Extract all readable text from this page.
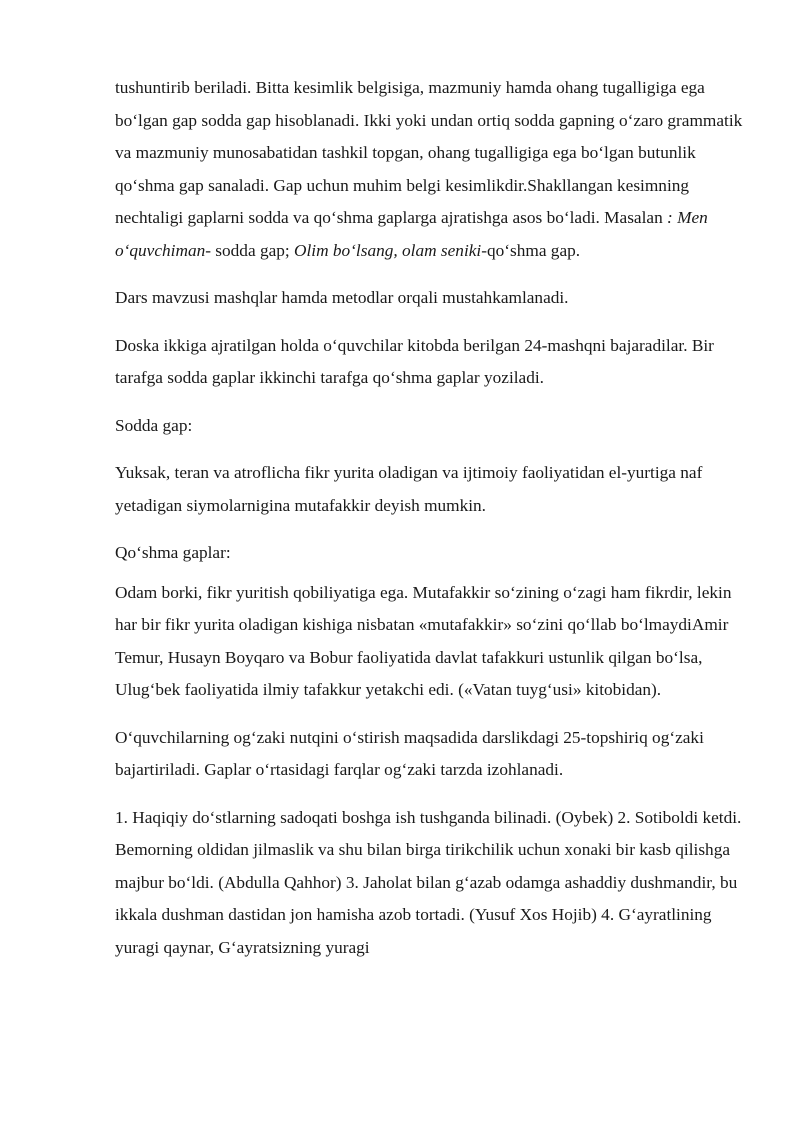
tushuntirib beriladi. Bitta kesimlik belgisiga, mazmuniy hamda ohang tugalligiga ega bo‘lgan gap sodda gap hisoblanadi. Ikki yoki undan ortiq sodda gapning o‘zaro grammatik va mazmuniy munosabatidan tashkil topgan, ohang tugalligiga ega bo‘lgan butunlik qo‘shma gap sanaladi. Gap uchun muhim belgi kesimlikdir.Shakllangan kesimning nechtaligi gaplarni sodda va qo‘shma gaplarga ajratishga asos bo‘ladi. Masalan : Men o‘quvchiman- sodda gap; Olim bo‘lsang, olam seniki-qo‘shma gap.

Dars mavzusi mashqlar hamda metodlar orqali mustahkamlanadi.

Doska ikkiga ajratilgan holda o‘quvchilar kitobda berilgan 24-mashqni bajaradilar. Bir tarafga sodda gaplar ikkinchi tarafga qo‘shma gaplar yoziladi.

Sodda gap:

Yuksak, teran va atroflicha fikr yurita oladigan va ijtimoiy faoliyatidan el-yurtiga naf yetadigan siymolarnigina mutafakkir deyish mumkin.

Qo‘shma gaplar:

Odam borki, fikr yuritish qobiliyatiga ega. Mutafakkir so‘zining o‘zagi ham fikrdir, lekin har bir fikr yurita oladigan kishiga nisbatan «mutafakkir» so‘zini qo‘llab bo‘lmaydiAmir Temur, Husayn Boyqaro va Bobur faoliyatida davlat tafakkuri ustunlik qilgan bo‘lsa, Ulug‘bek faoliyatida ilmiy tafakkur yetakchi edi. («Vatan tuyg‘usi» kitobidan).

O‘quvchilarning og‘zaki nutqini o‘stirish maqsadida darslikdagi 25-topshiriq og‘zaki bajartiriladi. Gaplar o‘rtasidagi farqlar og‘zaki tarzda izohlanadi.

1. Haqiqiy do‘stlarning sadoqati boshga ish tushganda bilinadi. (Oybek) 2. Sotiboldi ketdi. Bemorning oldidan jilmaslik va shu bilan birga tirikchilik uchun xonaki bir kasb qilishga majbur bo‘ldi. (Abdulla Qahhor) 3. Jaholat bilan g‘azab odamga ashaddiy dushmandir, bu ikkala dushman dastidan jon hamisha azob tortadi. (Yusuf Xos Hojib) 4. G‘ayratlining yuragi qaynar, G‘ayratsizning yuragi
